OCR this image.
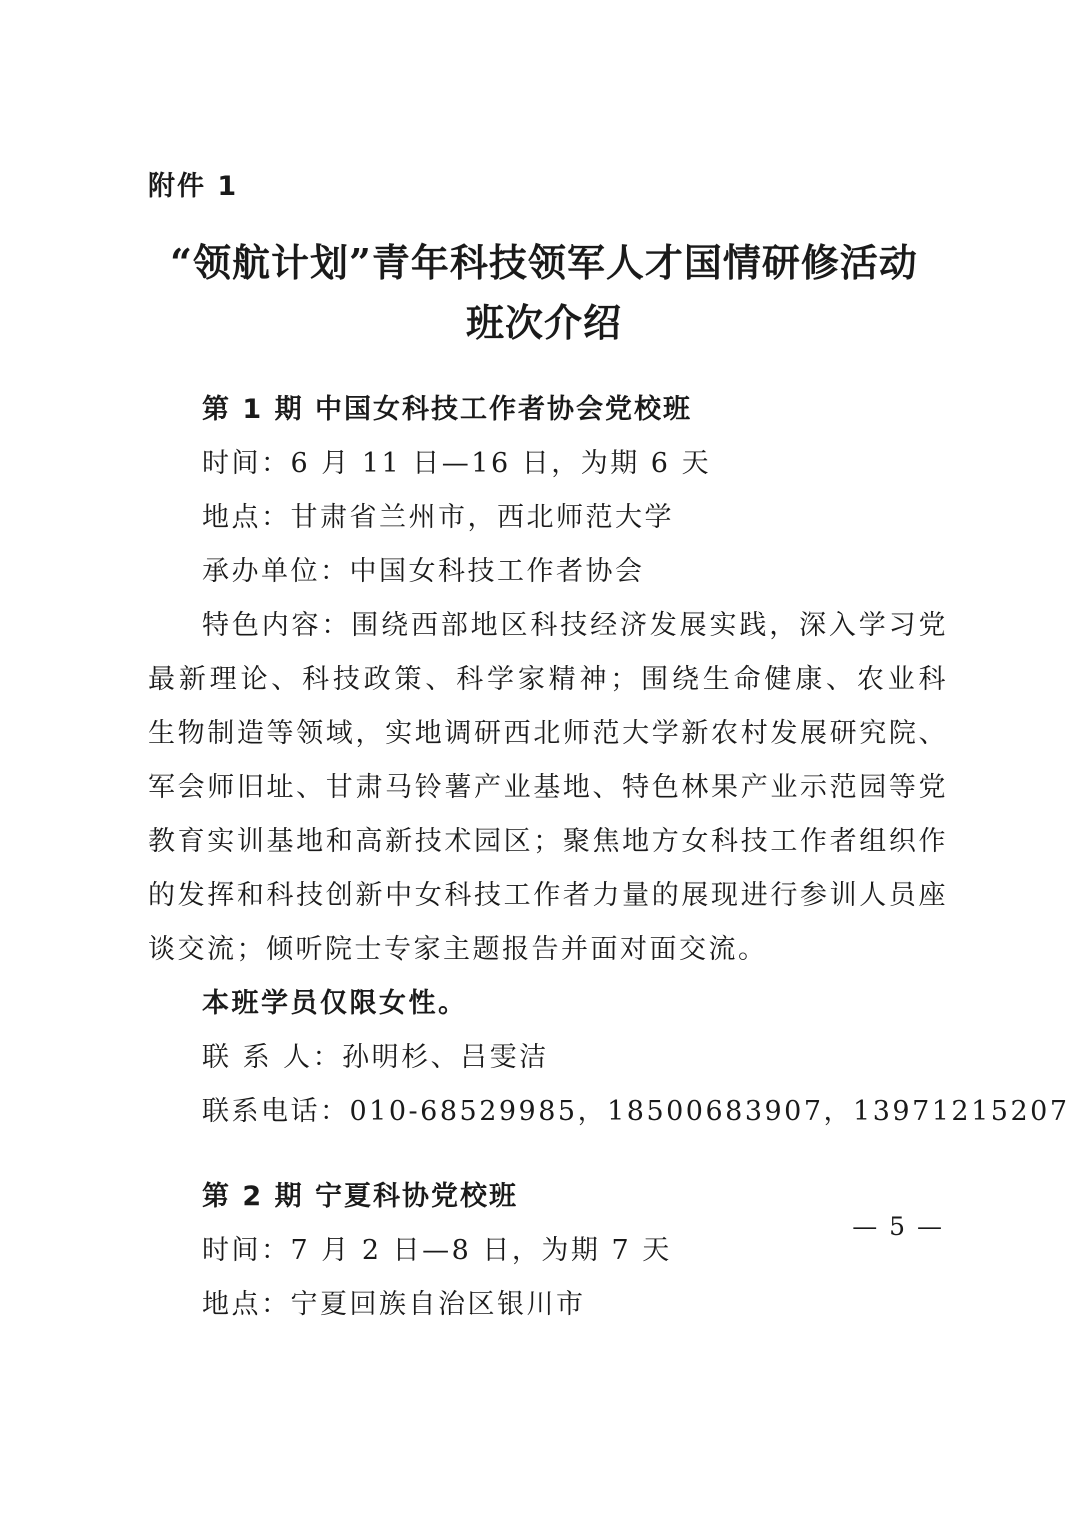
附件 1
“领航计划”青年科技领军人才国情研修活动
班次介绍
第 1 期 中国女科技工作者协会党校班
时间：6 月 11 日—16 日，为期 6 天
地点：甘肃省兰州市，西北师范大学
承办单位：中国女科技工作者协会
特色内容：围绕西部地区科技经济发展实践，深入学习党
最新理论、科技政策、科学家精神；围绕生命健康、农业科
生物制造等领域，实地调研西北师范大学新农村发展研究院、
军会师旧址、甘肃马铃薯产业基地、特色林果产业示范园等党
教育实训基地和高新技术园区；聚焦地方女科技工作者组织作
的发挥和科技创新中女科技工作者力量的展现进行参训人员座
谈交流；倾听院士专家主题报告并面对面交流。
本班学员仅限女性。
联 系 人：孙明杉、吕雯洁
联系电话：010-68529985，18500683907，13971215207
第 2 期 宁夏科协党校班
时间：7 月 2 日—8 日，为期 7 天
地点：宁夏回族自治区银川市
— 5 —
